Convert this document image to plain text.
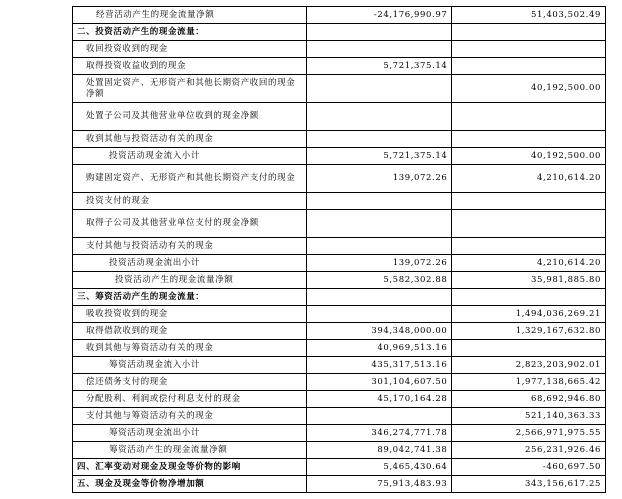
经营活动产生的现金流量净额	-24,176,990.97	51,403,502.49
二、投资活动产生的现金流量：		
收回投资收到的现金		
取得投资收益收到的现金	5,721,375.14	
处置固定资产、无形资产和其他长期资产收回的现金净额		40,192,500.00
处置子公司及其他营业单位收到的现金净额		
收到其他与投资活动有关的现金		
投资活动现金流入小计	5,721,375.14	40,192,500.00
购建固定资产、无形资产和其他长期资产支付的现金	139,072.26	4,210,614.20
投资支付的现金		
取得子公司及其他营业单位支付的现金净额		
支付其他与投资活动有关的现金		
投资活动现金流出小计	139,072.26	4,210,614.20
投资活动产生的现金流量净额	5,582,302.88	35,981,885.80
三、筹资活动产生的现金流量：		
吸收投资收到的现金		1,494,036,269.21
取得借款收到的现金	394,348,000.00	1,329,167,632.80
收到其他与筹资活动有关的现金	40,969,513.16	
筹资活动现金流入小计	435,317,513.16	2,823,203,902.01
偿还债务支付的现金	301,104,607.50	1,977,138,665.42
分配股利、利润或偿付利息支付的现金	45,170,164.28	68,692,946.80
支付其他与筹资活动有关的现金		521,140,363.33
筹资活动现金流出小计	346,274,771.78	2,566,971,975.55
筹资活动产生的现金流量净额	89,042,741.38	256,231,926.46
四、汇率变动对现金及现金等价物的影响	5,465,430.64	-460,697.50
五、现金及现金等价物净增加额	75,913,483.93	343,156,617.25
